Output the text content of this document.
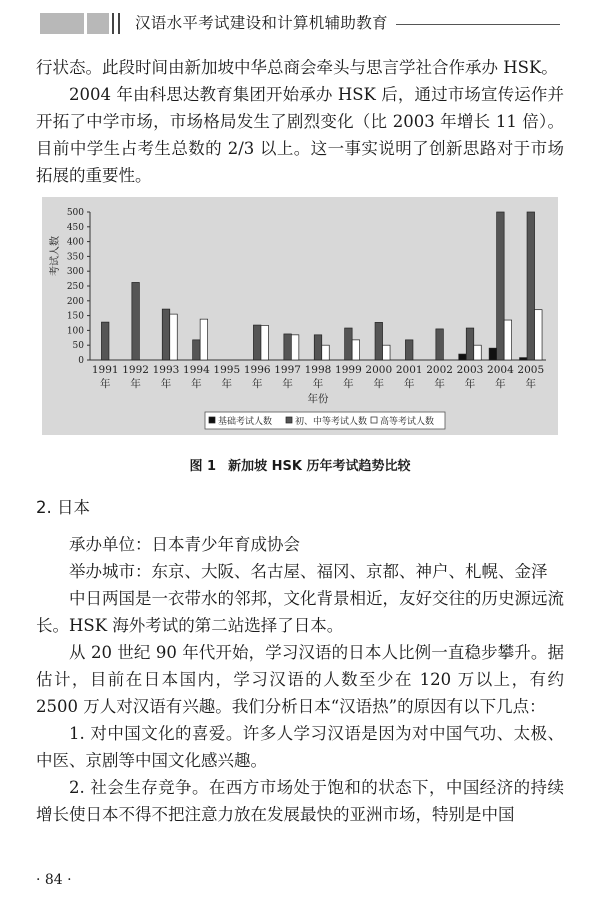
汉语水平考试建设和计算机辅助教育

行状态。此段时间由新加坡中华总商会牵头与思言学社合作承办 HSK。

2004 年由科思达教育集团开始承办 HSK 后，通过市场宣传运作并开拓了中学市场，市场格局发生了剧烈变化（比 2003 年增长 11 倍）。目前中学生占考生总数的 2/3 以上。这一事实说明了创新思路对于市场拓展的重要性。

0
50
100
150
200
250
300
350
400
450
500
考试人数
1991
年
1992
年
1993
年
1994
年
1995
年
1996
年
1997
年
1998
年
1999
年
2000
年
2001
年
2002
年
2003
年
2004
年
2005
年
年份
基础考试人数	初、中等考试人数 高等考试人数
图 1 新加坡 HSK 历年考试趋势比较
2. 日本

承办单位：日本青少年育成协会

举办城市：东京、大阪、名古屋、福冈、京都、神户、札幌、金泽

中日两国是一衣带水的邻邦，文化背景相近，友好交往的历史源远流长。HSK 海外考试的第二站选择了日本。

从 20 世纪 90 年代开始，学习汉语的日本人比例一直稳步攀升。据估计，目前在日本国内，学习汉语的人数至少在 120 万以上，有约 2500 万人对汉语有兴趣。我们分析日本“汉语热”的原因有以下几点：

1. 对中国文化的喜爱。许多人学习汉语是因为对中国气功、太极、中医、京剧等中国文化感兴趣。

2. 社会生存竞争。在西方市场处于饱和的状态下，中国经济的持续增长使日本不得不把注意力放在发展最快的亚洲市场，特别是中国

· 84 ·
